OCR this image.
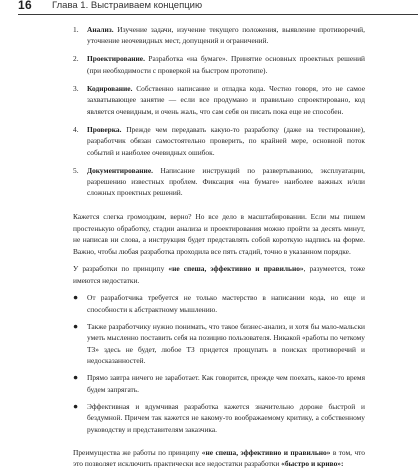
16 Глава 1. Выстраиваем концепцию
1.	Анализ. Изучение задачи, изучение текущего положения, выявление противоречий, уточнение неочевидных мест, допущений и ограничений.
2.	Проектирование. Разработка «на бумаге». Принятие основных проектных решений (при необходимости с проверкой на быстром прототипе).
3.	Кодирование. Собственно написание и отладка кода. Честно говоря, это не самое захватывающее занятие — если все продумано и правильно спроектировано, код является очевидным, и очень жаль, что сам себя он писать пока еще не способен.
4.	Проверка. Прежде чем передавать какую-то разработку (даже на тестирование), разработчик обязан самостоятельно проверить, по крайней мере, основной поток событий и наиболее очевидных ошибок.
5.	Документирование. Написание инструкций по развертыванию, эксплуатации, разрешению известных проблем. Фиксация «на бумаге» наиболее важных и/или сложных проектных решений.

Кажется слегка громоздким, верно? Но все дело в масштабировании. Если мы пишем простенькую обработку, стадии анализа и проектирования можно пройти за десять минут, не написав ни слова, а инструкция будет представлять собой короткую надпись на форме. Важно, чтобы любая разработка проходила все пять стадий, точно в указанном порядке.

У разработки по принципу «не спеша, эффективно и правильно», разумеется, тоже имеются недостатки.

●	От разработчика требуется не только мастерство в написании кода, но еще и способности к абстрактному мышлению.
●	Также разработчику нужно понимать, что такое бизнес-анализ, и хотя бы мало-мальски уметь мысленно поставить себя на позицию пользователя. Никакой «работы по четкому ТЗ» здесь не будет, любое ТЗ придется прощупать в поисках противоречий и недосказанностей.
●	Прямо завтра ничего не заработает. Как говорится, прежде чем поехать, какое-то время будем запрягать.
●	Эффективная и вдумчивая разработка кажется значительно дороже быстрой и бездумной. Причем так кажется не какому-то воображаемому критику, а собственному руководству и представителям заказчика.

Преимущества же работы по принципу «не спеша, эффективно и правильно» в том, что это позволяет исключить практически все недостатки разработки «быстро и криво»:
